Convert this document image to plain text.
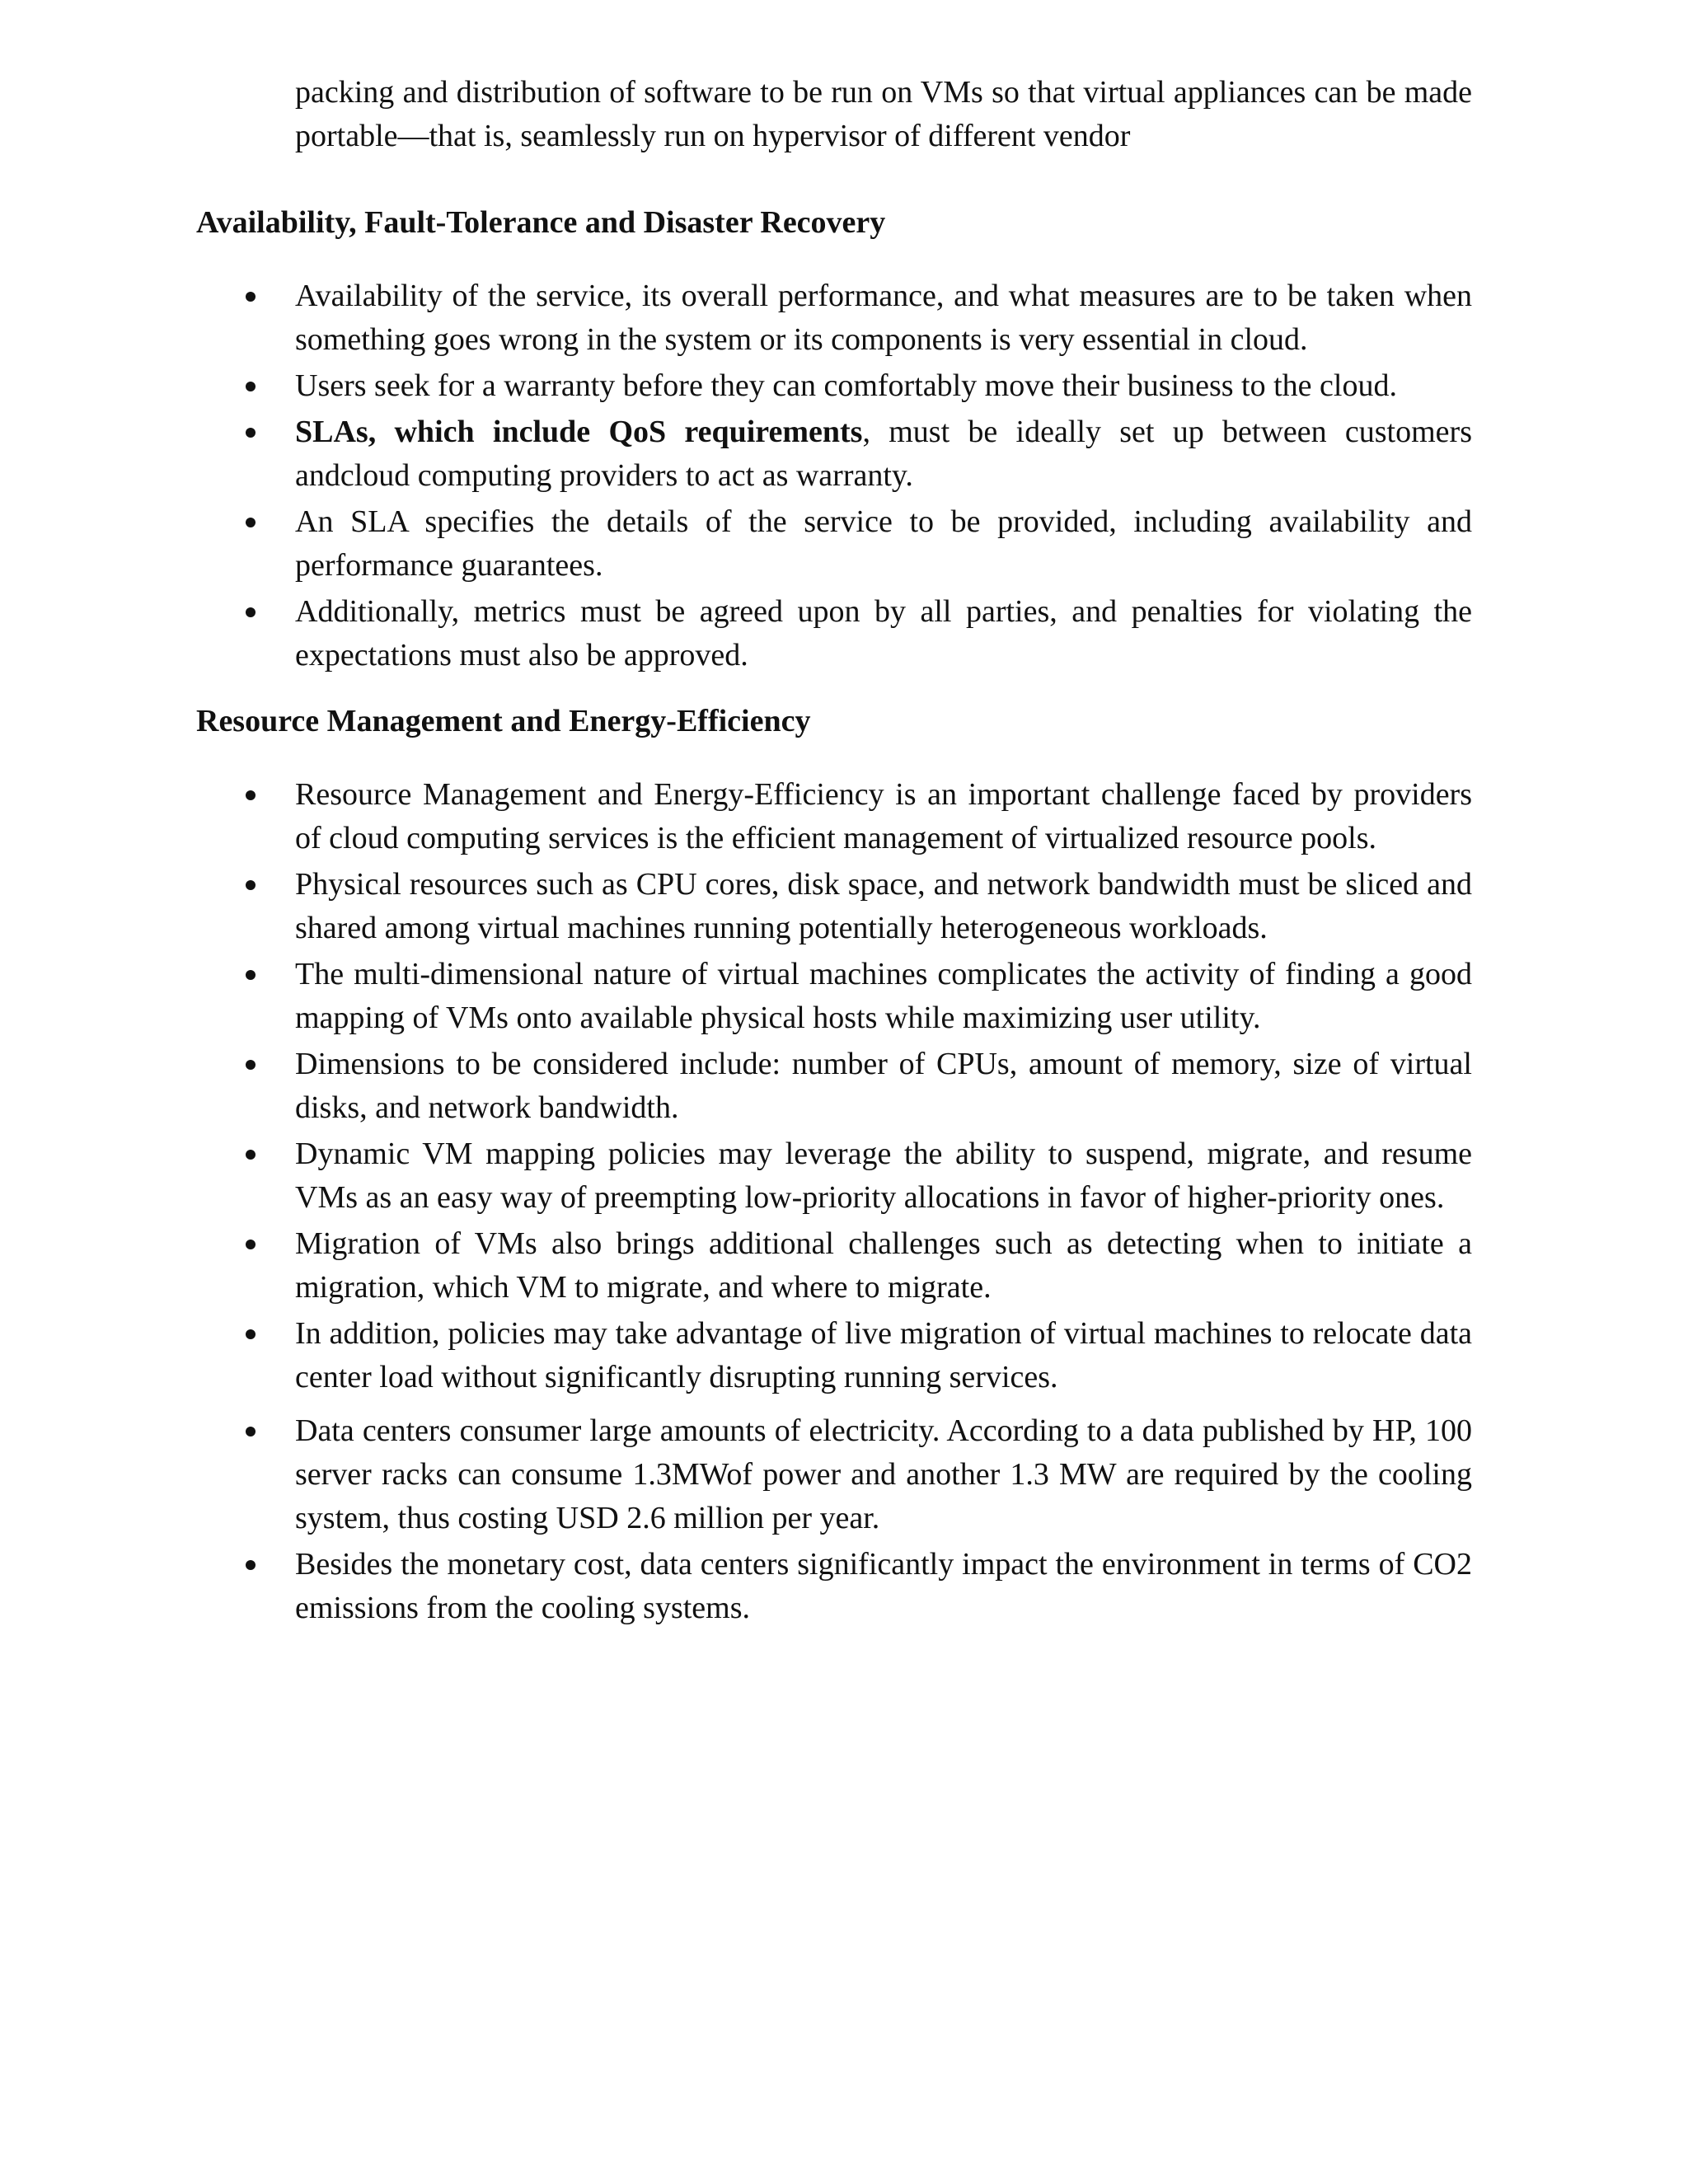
packing and distribution of software to be run on VMs so that virtual appliances can be made portable—that is, seamlessly run on hypervisor of different vendor

Availability, Fault-Tolerance and Disaster Recovery
Availability of the service, its overall performance, and what measures are to be taken when something goes wrong in the system or its components is very essential in cloud.
Users seek for a warranty before they can comfortably move their business to the cloud.
SLAs, which include QoS requirements, must be ideally set up between customers andcloud computing providers to act as warranty.
An SLA specifies the details of the service to be provided, including availability and performance guarantees.
Additionally, metrics must be agreed upon by all parties, and penalties for violating the expectations must also be approved.
Resource Management and Energy-Efficiency
Resource Management and Energy-Efficiency is an important challenge faced by providers of cloud computing services is the efficient management of virtualized resource pools.
Physical resources such as CPU cores, disk space, and network bandwidth must be sliced and shared among virtual machines running potentially heterogeneous workloads.
The multi-dimensional nature of virtual machines complicates the activity of finding a good mapping of VMs onto available physical hosts while maximizing user utility.
Dimensions to be considered include: number of CPUs, amount of memory, size of virtual disks, and network bandwidth.
Dynamic VM mapping policies may leverage the ability to suspend, migrate, and resume VMs as an easy way of preempting low-priority allocations in favor of higher-priority ones.
Migration of VMs also brings additional challenges such as detecting when to initiate a migration, which VM to migrate, and where to migrate.
In addition, policies may take advantage of live migration of virtual machines to relocate data center load without significantly disrupting running services.
Data centers consumer large amounts of electricity. According to a data published by HP, 100 server racks can consume 1.3MWof power and another 1.3 MW are required by the cooling system, thus costing USD 2.6 million per year.
Besides the monetary cost, data centers significantly impact the environment in terms of CO2 emissions from the cooling systems.
